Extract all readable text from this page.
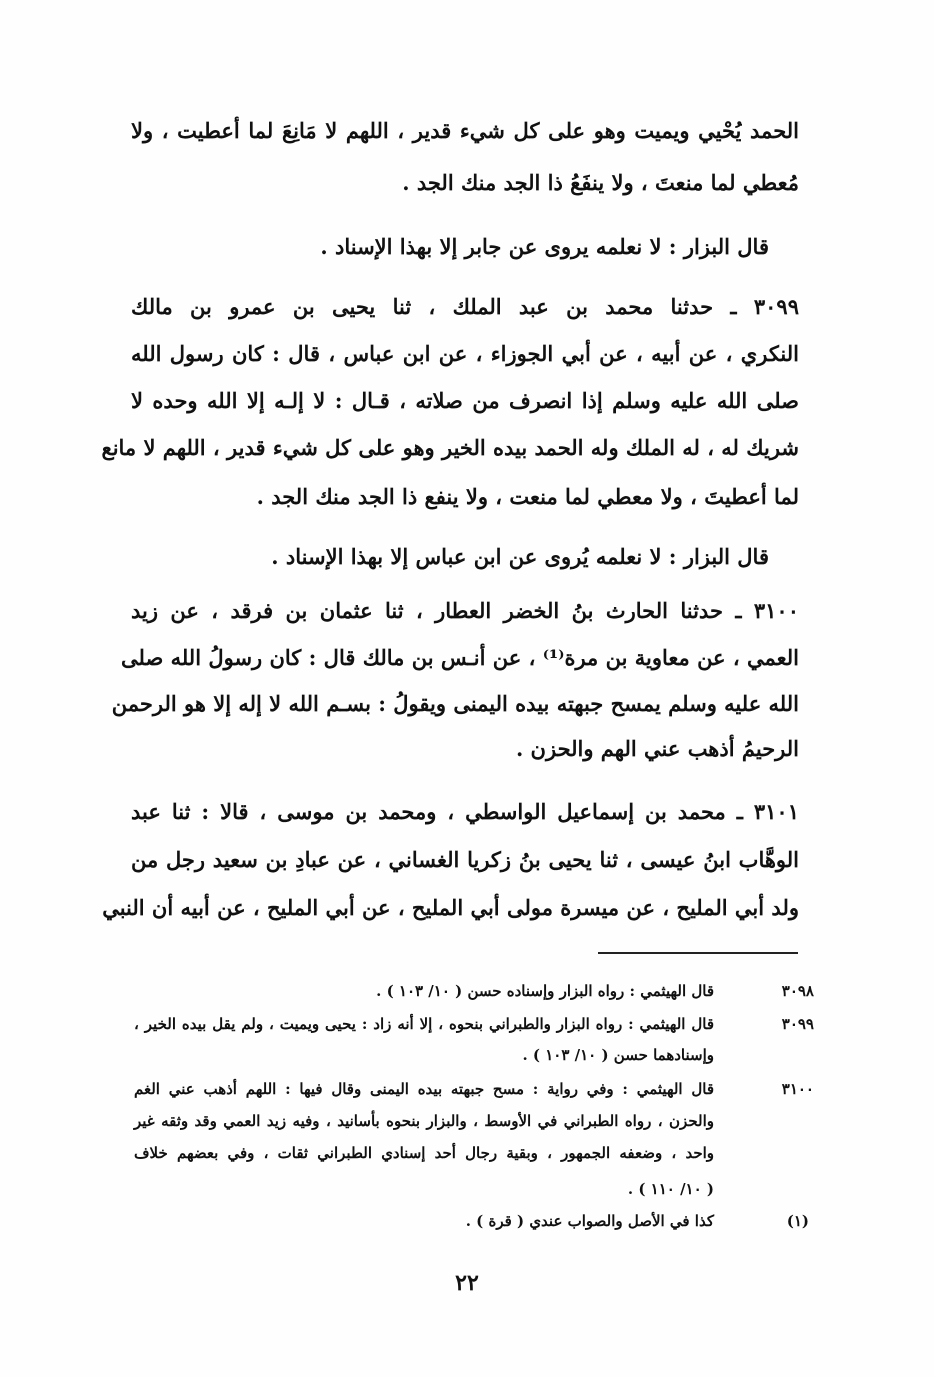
الحمد يُحْيي ويميت وهو على كل شيء قدير ، اللهم لا مَانِعَ لما أعطيت ، ولا
مُعطي لما منعتَ ، ولا ينفَعُ ذا الجد منك الجد .
قال البزار : لا نعلمه يروى عن جابر إلا بهذا الإسناد .
٣٠٩٩ ـ حدثنا محمد بن عبد الملك ، ثنا يحيى بن عمرو بن مالك
النكري ، عن أبيه ، عن أبي الجوزاء ، عن ابن عباس ، قال : كان رسول الله
صلى الله عليه وسلم إذا انصرف من صلاته ، قـال : لا إلـه إلا الله وحده لا
شريك له ، له الملك وله الحمد بيده الخير وهو على كل شيء قدير ، اللهم لا مانع
لما أعطيتَ ، ولا معطي لما منعت ، ولا ينفع ذا الجد منك الجد .
قال البزار : لا نعلمه يُروى عن ابن عباس إلا بهذا الإسناد .
٣١٠٠ ـ حدثنا الحارث بنُ الخضر العطار ، ثنا عثمان بن فرقد ، عن زيد
العمي ، عن معاوية بن مرة⁽¹⁾ ، عن أنـس بن مالك قال : كان رسولُ الله صلى
الله عليه وسلم يمسح جبهته بيده اليمنى ويقولُ : بسـم الله لا إله إلا هو الرحمن
الرحيمُ أذهب عني الهم والحزن .
٣١٠١ ـ محمد بن إسماعيل الواسطي ، ومحمد بن موسى ، قالا : ثنا عبد
الوهَّاب ابنُ عيسى ، ثنا يحيى بنُ زكريا الغساني ، عن عبادِ بن سعيد رجل من
ولد أبي المليح ، عن ميسرة مولى أبي المليح ، عن أبي المليح ، عن أبيه أن النبي
٣٠٩٨
قال الهيثمي : رواه البزار وإسناده حسن ( ١٠/ ١٠٣ ) .
٣٠٩٩
قال الهيثمي : رواه البزار والطبراني بنحوه ، إلا أنه زاد : يحيى ويميت ، ولم يقل بيده الخير ،
وإسنادهما حسن ( ١٠/ ١٠٣ ) .
٣١٠٠
قال الهيثمي : وفي رواية : مسح جبهته بيده اليمنى وقال فيها : اللهم أذهب عني الغم
والحزن ، رواه الطبراني في الأوسط ، والبزار بنحوه بأسانيد ، وفيه زيد العمي وقد وثقه غير
واحد ، وضعفه الجمهور ، وبقية رجال أحد إسنادي الطبراني ثقات ، وفي بعضهم خلاف
( ١٠/ ١١٠ ) .
(١)
كذا في الأصل والصواب عندي ( قرة ) .
٢٢
